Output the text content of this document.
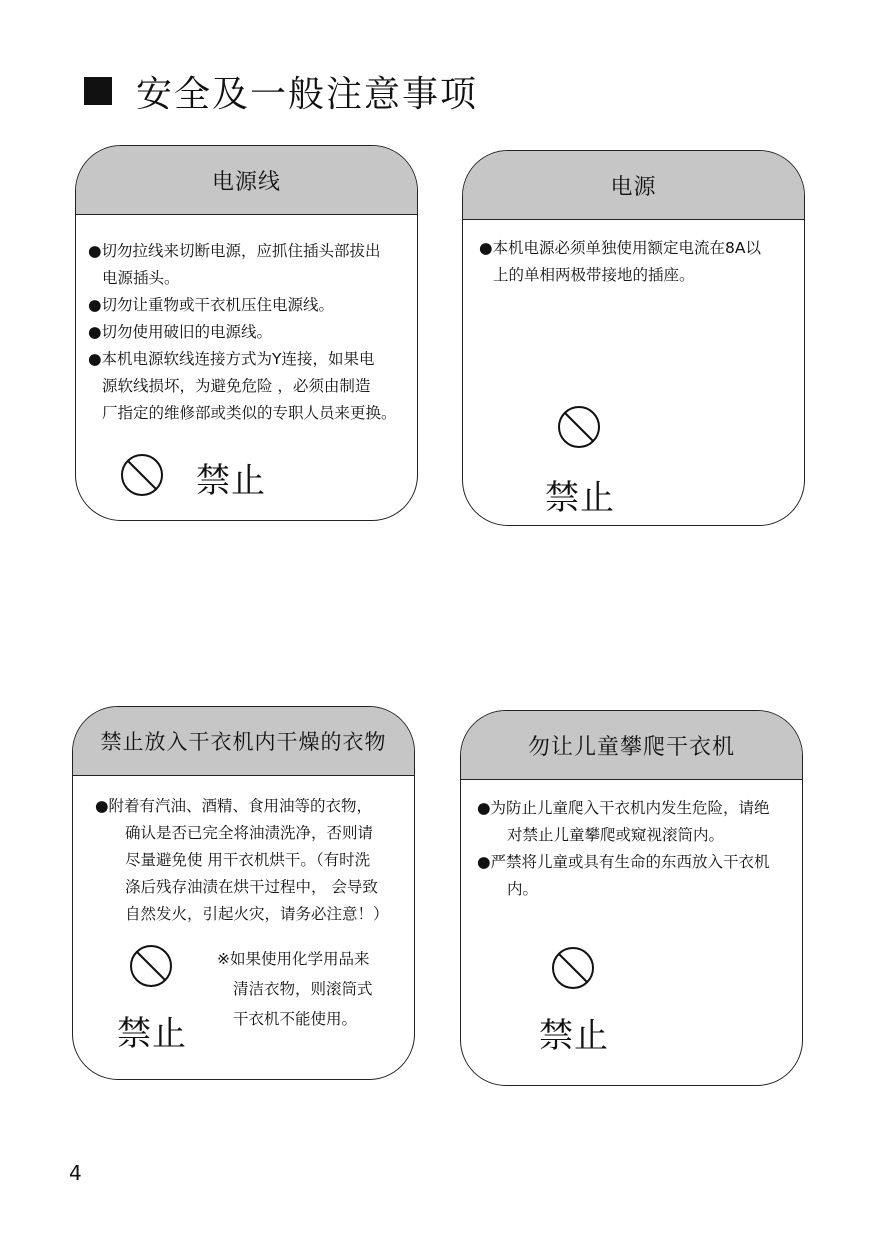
安全及一般注意事项
电源线
●切勿拉线来切断电源，应抓住插头部拔出
电源插头。
●切勿让重物或干衣机压住电源线。
●切勿使用破旧的电源线。
●本机电源软线连接方式为Y连接，如果电
源软线损坏，为避免危险 ，必须由制造
厂指定的维修部或类似的专职人员来更换。
禁止
电源
●本机电源必须单独使用额定电流在8A以
上的单相两极带接地的插座。
禁止
禁止放入干衣机内干燥的衣物
●附着有汽油、酒精、食用油等的衣物，
确认是否已完全将油渍洗净，否则请
尽量避免使 用干衣机烘干。（有时洗
涤后残存油渍在烘干过程中， 会导致
自然发火，引起火灾，请务必注意！）
禁止
※如果使用化学用品来
清洁衣物，则滚筒式
干衣机不能使用。
勿让儿童攀爬干衣机
●为防止儿童爬入干衣机内发生危险，请绝
对禁止儿童攀爬或窥视滚筒内。
●严禁将儿童或具有生命的东西放入干衣机
内。
禁止
4
